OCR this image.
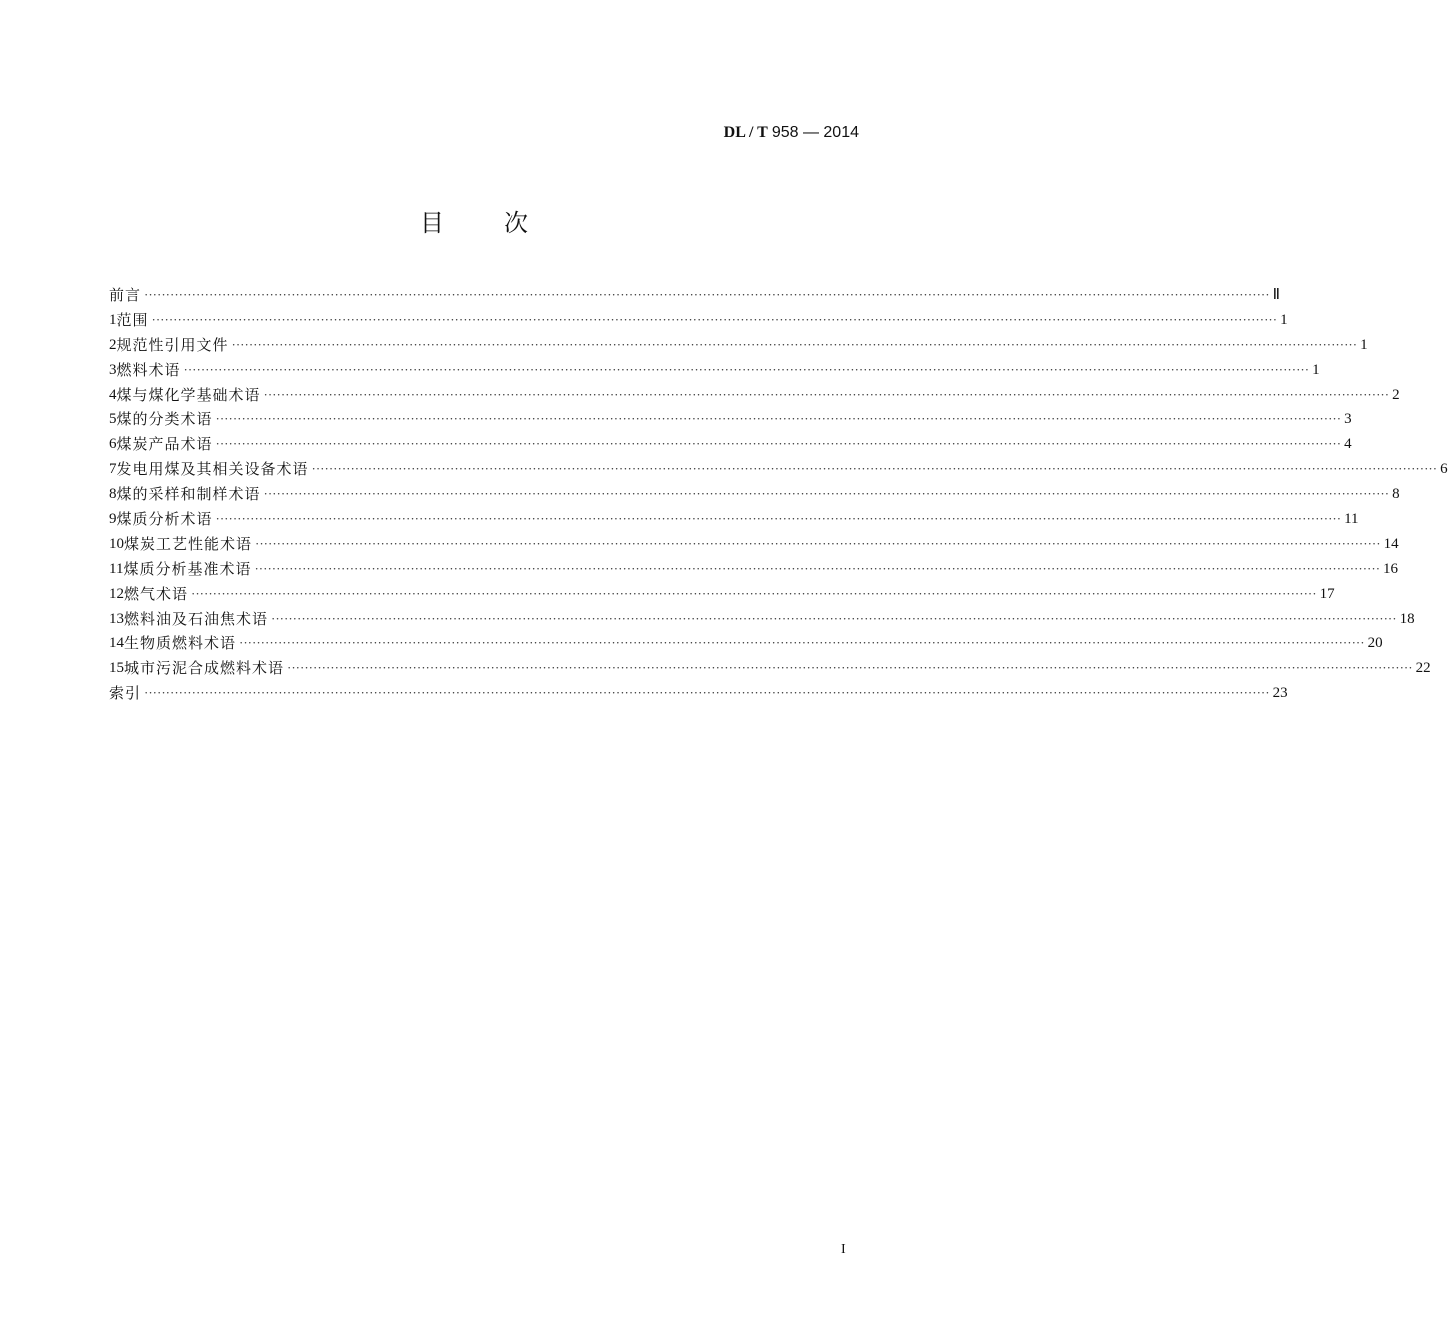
DL / T 958 — 2014
目 次
前言 ···································································································································································································································································· Ⅱ
1 范围 ···································································································································································································································································· 1
2 规范性引用文件 ···································································································································································································································································· 1
3 燃料术语 ···································································································································································································································································· 1
4 煤与煤化学基础术语 ···································································································································································································································································· 2
5 煤的分类术语 ···································································································································································································································································· 3
6 煤炭产品术语 ···································································································································································································································································· 4
7 发电用煤及其相关设备术语 ···································································································································································································································································· 6
8 煤的采样和制样术语 ···································································································································································································································································· 8
9 煤质分析术语 ···································································································································································································································································· 11
10 煤炭工艺性能术语 ···································································································································································································································································· 14
11 煤质分析基准术语 ···································································································································································································································································· 16
12 燃气术语 ···································································································································································································································································· 17
13 燃料油及石油焦术语 ···································································································································································································································································· 18
14 生物质燃料术语 ···································································································································································································································································· 20
15 城市污泥合成燃料术语 ···································································································································································································································································· 22
索引 ···································································································································································································································································· 23
I
